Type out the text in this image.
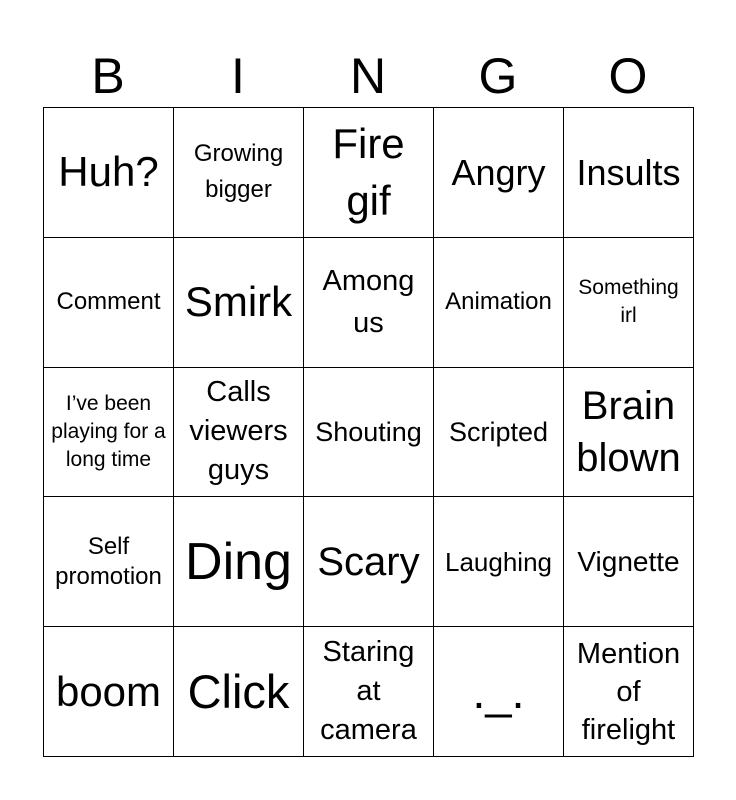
B	I	N	G	O
Huh?	Growing bigger	Fire gif	Angry	Insults

Comment	Smirk	Among us	Animation	Something irl

I’ve been playing for a long time	Calls viewers guys	Shouting	Scripted	Brain blown

Self promotion	Ding	Scary	Laughing	Vignette

boom	Click	Staring at camera	._.	Mention of firelight
